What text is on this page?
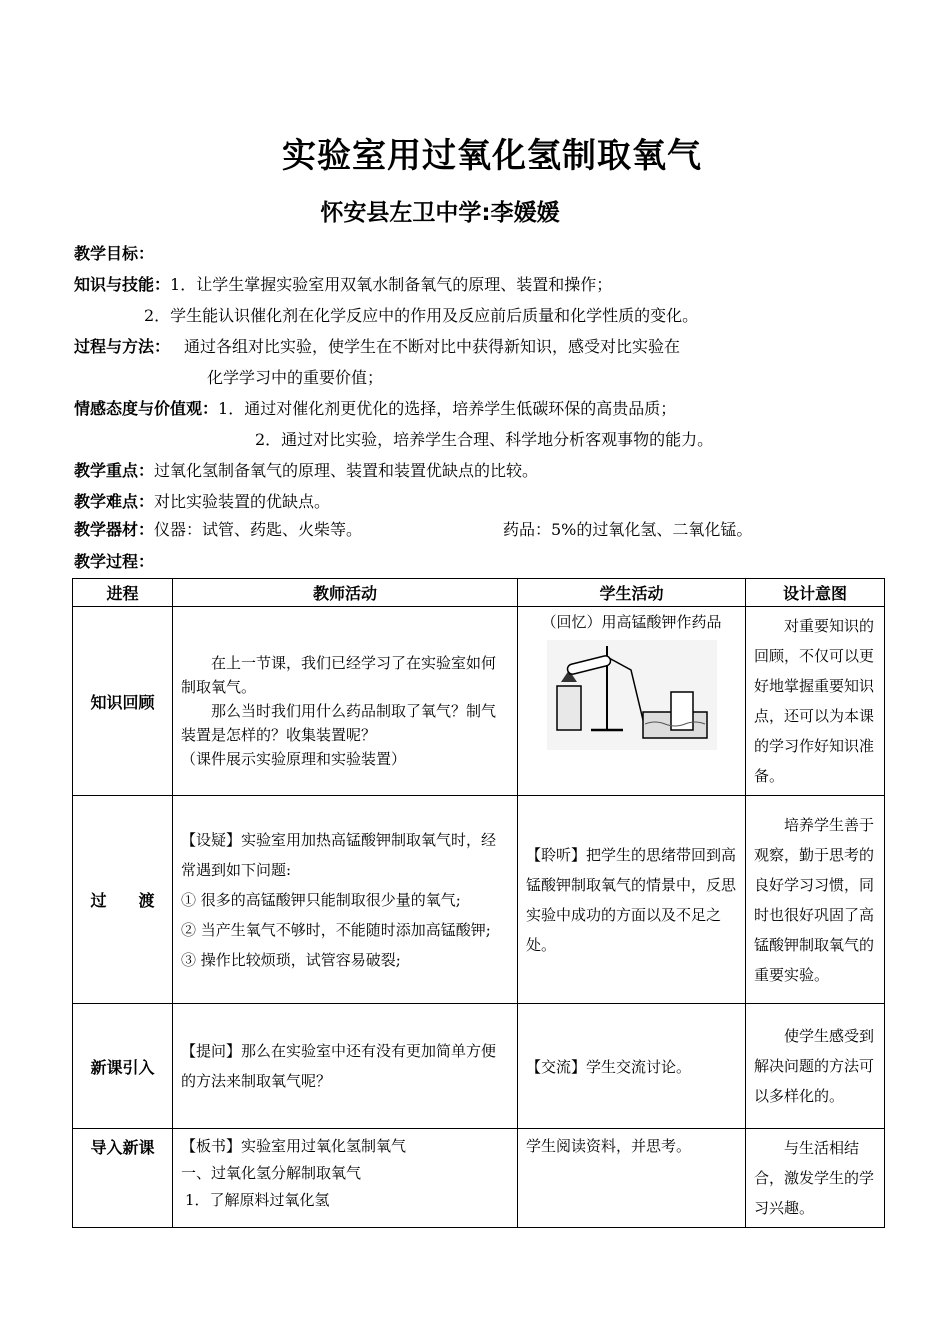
实验室用过氧化氢制取氧气
怀安县左卫中学:李媛媛
教学目标：
知识与技能：1．让学生掌握实验室用双氧水制备氧气的原理、装置和操作；
2．学生能认识催化剂在化学反应中的作用及反应前后质量和化学性质的变化。
过程与方法： 通过各组对比实验，使学生在不断对比中获得新知识，感受对比实验在
化学学习中的重要价值；
情感态度与价值观：1．通过对催化剂更优化的选择，培养学生低碳环保的高贵品质；
2．通过对比实验，培养学生合理、科学地分析客观事物的能力。
教学重点：过氧化氢制备氧气的原理、装置和装置优缺点的比较。
教学难点：对比实验装置的优缺点。
教学器材：仪器：试管、药匙、火柴等。	药品：5%的过氧化氢、二氧化锰。
教学过程：
进程	教师活动	学生活动	设计意图
知识回顾	在上一节课，我们已经学习了在实验室如何制取氧气。
那么当时我们用什么药品制取了氧气？制气装置是怎样的？收集装置呢？
（课件展示实验原理和实验装置）	（回忆）用高锰酸钾作药品	对重要知识的回顾，不仅可以更好地掌握重要知识点，还可以为本课的学习作好知识准备。
过　　渡	【设疑】实验室用加热高锰酸钾制取氧气时，经常遇到如下问题:
① 很多的高锰酸钾只能制取很少量的氧气;
② 当产生氧气不够时，不能随时添加高锰酸钾;
③ 操作比较烦琐，试管容易破裂;	【聆听】把学生的思绪带回到高锰酸钾制取氧气的情景中，反思实验中成功的方面以及不足之处。	培养学生善于观察，勤于思考的良好学习习惯，同时也很好巩固了高锰酸钾制取氧气的重要实验。
新课引入	【提问】那么在实验室中还有没有更加简单方便的方法来制取氧气呢？	【交流】学生交流讨论。	使学生感受到解决问题的方法可以多样化的。
导入新课	【板书】实验室用过氧化氢制氧气
一、过氧化氢分解制取氧气
1．了解原料过氧化氢	学生阅读资料，并思考。	与生活相结合，激发学生的学习兴趣。
